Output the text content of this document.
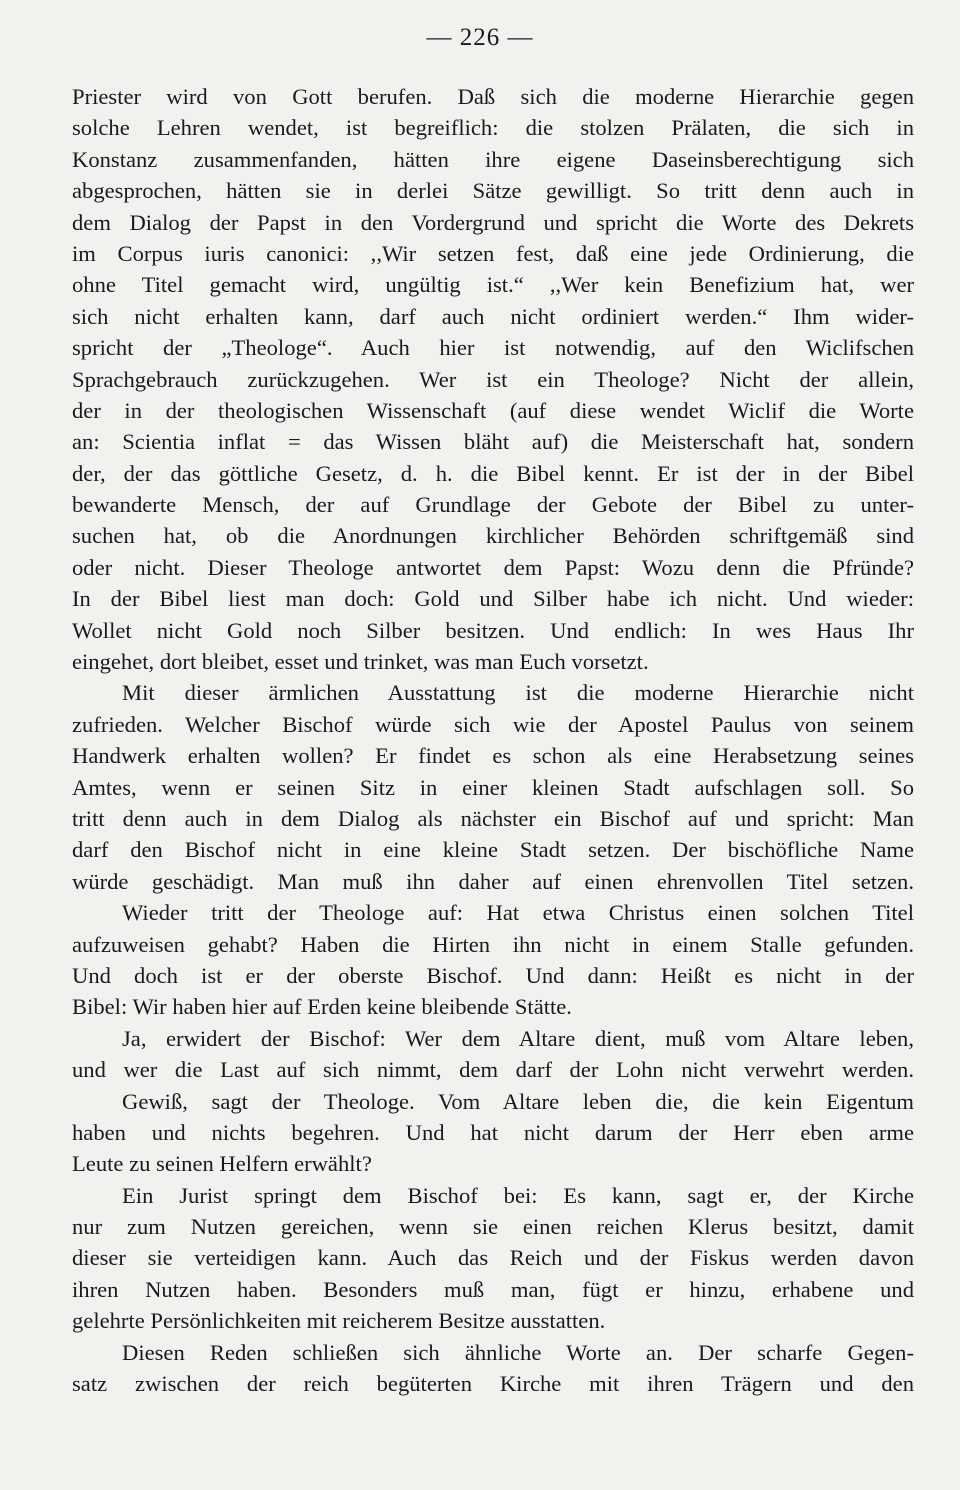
— 226 —
Priester wird von Gott berufen. Daß sich die moderne Hierarchie gegen
solche Lehren wendet, ist begreiflich: die stolzen Prälaten, die sich in
Konstanz zusammenfanden, hätten ihre eigene Daseinsberechtigung sich
abgesprochen, hätten sie in derlei Sätze gewilligt. So tritt denn auch in
dem Dialog der Papst in den Vordergrund und spricht die Worte des Dekrets
im Corpus iuris canonici: ,,Wir setzen fest, daß eine jede Ordinierung, die
ohne Titel gemacht wird, ungültig ist.“ ,,Wer kein Benefizium hat, wer
sich nicht erhalten kann, darf auch nicht ordiniert werden.“ Ihm wider-
spricht der „Theologe“. Auch hier ist notwendig, auf den Wiclifschen
Sprachgebrauch zurückzugehen. Wer ist ein Theologe? Nicht der allein,
der in der theologischen Wissenschaft (auf diese wendet Wiclif die Worte
an: Scientia inflat = das Wissen bläht auf) die Meisterschaft hat, sondern
der, der das göttliche Gesetz, d. h. die Bibel kennt. Er ist der in der Bibel
bewanderte Mensch, der auf Grundlage der Gebote der Bibel zu unter-
suchen hat, ob die Anordnungen kirchlicher Behörden schriftgemäß sind
oder nicht. Dieser Theologe antwortet dem Papst: Wozu denn die Pfründe?
In der Bibel liest man doch: Gold und Silber habe ich nicht. Und wieder:
Wollet nicht Gold noch Silber besitzen. Und endlich: In wes Haus Ihr
eingehet, dort bleibet, esset und trinket, was man Euch vorsetzt.
Mit dieser ärmlichen Ausstattung ist die moderne Hierarchie nicht
zufrieden. Welcher Bischof würde sich wie der Apostel Paulus von seinem
Handwerk erhalten wollen? Er findet es schon als eine Herabsetzung seines
Amtes, wenn er seinen Sitz in einer kleinen Stadt aufschlagen soll. So
tritt denn auch in dem Dialog als nächster ein Bischof auf und spricht: Man
darf den Bischof nicht in eine kleine Stadt setzen. Der bischöfliche Name
würde geschädigt. Man muß ihn daher auf einen ehrenvollen Titel setzen.
Wieder tritt der Theologe auf: Hat etwa Christus einen solchen Titel
aufzuweisen gehabt? Haben die Hirten ihn nicht in einem Stalle gefunden.
Und doch ist er der oberste Bischof. Und dann: Heißt es nicht in der
Bibel: Wir haben hier auf Erden keine bleibende Stätte.
Ja, erwidert der Bischof: Wer dem Altare dient, muß vom Altare leben,
und wer die Last auf sich nimmt, dem darf der Lohn nicht verwehrt werden.
Gewiß, sagt der Theologe. Vom Altare leben die, die kein Eigentum
haben und nichts begehren. Und hat nicht darum der Herr eben arme
Leute zu seinen Helfern erwählt?
Ein Jurist springt dem Bischof bei: Es kann, sagt er, der Kirche
nur zum Nutzen gereichen, wenn sie einen reichen Klerus besitzt, damit
dieser sie verteidigen kann. Auch das Reich und der Fiskus werden davon
ihren Nutzen haben. Besonders muß man, fügt er hinzu, erhabene und
gelehrte Persönlichkeiten mit reicherem Besitze ausstatten.
Diesen Reden schließen sich ähnliche Worte an. Der scharfe Gegen-
satz zwischen der reich begüterten Kirche mit ihren Trägern und den
